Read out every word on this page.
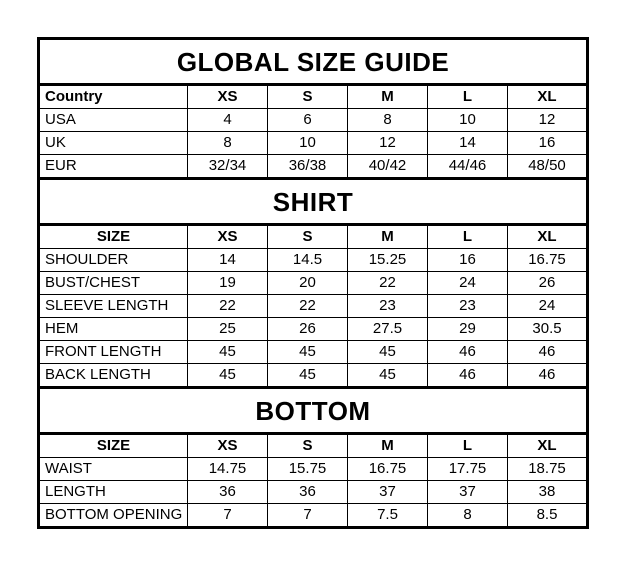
GLOBAL SIZE GUIDE					
Country	XS	S	M	L	XL
USA	4	6	8	10	12
UK	8	10	12	14	16
EUR	32/34	36/38	40/42	44/46	48/50
SHIRT					
SIZE	XS	S	M	L	XL
SHOULDER	14	14.5	15.25	16	16.75
BUST/CHEST	19	20	22	24	26
SLEEVE LENGTH	22	22	23	23	24
HEM	25	26	27.5	29	30.5
FRONT LENGTH	45	45	45	46	46
BACK LENGTH	45	45	45	46	46
BOTTOM					
SIZE	XS	S	M	L	XL
WAIST	14.75	15.75	16.75	17.75	18.75
LENGTH	36	36	37	37	38
BOTTOM OPENING	7	7	7.5	8	8.5
